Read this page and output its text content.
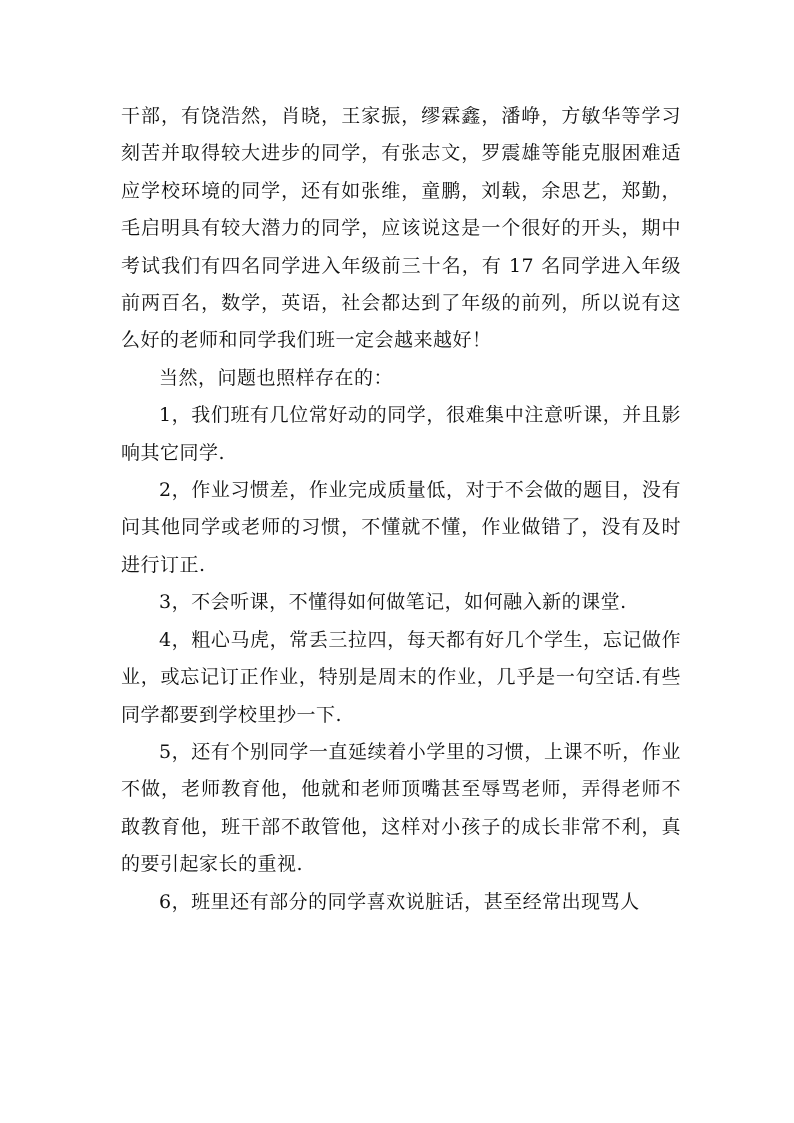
干部，有饶浩然，肖晓，王家振，缪霖鑫，潘峥，方敏华等学习刻苦并取得较大进步的同学，有张志文，罗震雄等能克服困难适应学校环境的同学，还有如张维，童鹏，刘载，余思艺，郑勤，毛启明具有较大潜力的同学，应该说这是一个很好的开头，期中考试我们有四名同学进入年级前三十名，有 17 名同学进入年级前两百名，数学，英语，社会都达到了年级的前列，所以说有这么好的老师和同学我们班一定会越来越好！

当然，问题也照样存在的：

1，我们班有几位常好动的同学，很难集中注意听课，并且影响其它同学.

2，作业习惯差，作业完成质量低，对于不会做的题目，没有问其他同学或老师的习惯，不懂就不懂，作业做错了，没有及时进行订正.

3，不会听课，不懂得如何做笔记，如何融入新的课堂.

4，粗心马虎，常丢三拉四，每天都有好几个学生，忘记做作业，或忘记订正作业，特别是周末的作业，几乎是一句空话.有些同学都要到学校里抄一下.

5，还有个别同学一直延续着小学里的习惯，上课不听，作业不做，老师教育他，他就和老师顶嘴甚至辱骂老师，弄得老师不敢教育他，班干部不敢管他，这样对小孩子的成长非常不利，真的要引起家长的重视.

6，班里还有部分的同学喜欢说脏话，甚至经常出现骂人
